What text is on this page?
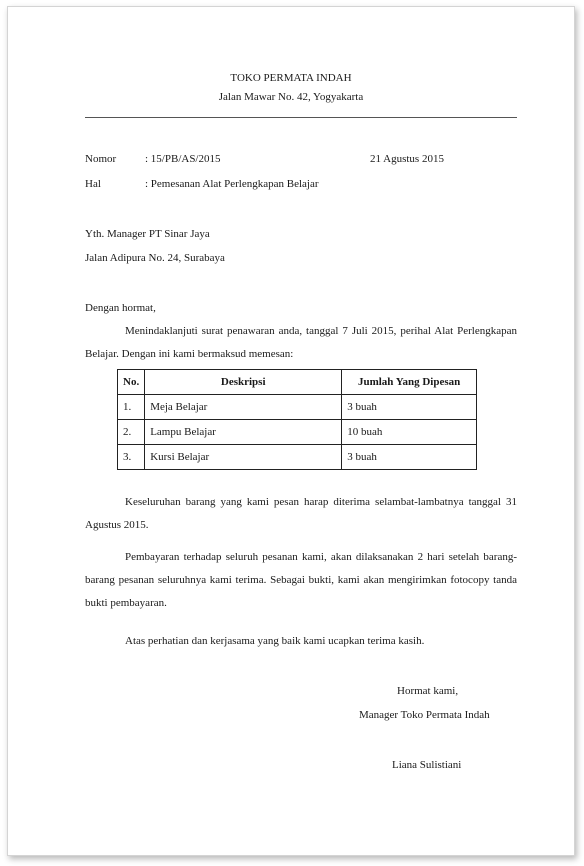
TOKO PERMATA INDAH
Jalan Mawar No. 42, Yogyakarta
Nomor	: 15/PB/AS/2015	21 Agustus 2015
Hal	: Pemesanan Alat Perlengkapan Belajar
Yth. Manager PT Sinar Jaya
Jalan Adipura No. 24, Surabaya
Dengan hormat,
Menindaklanjuti surat penawaran anda, tanggal 7 Juli 2015, perihal Alat Perlengkapan Belajar. Dengan ini kami bermaksud memesan:
No.	Deskripsi	Jumlah Yang Dipesan
1.	Meja Belajar	3 buah
2.	Lampu Belajar	10 buah
3.	Kursi Belajar	3 buah
Keseluruhan barang yang kami pesan harap diterima selambat-lambatnya tanggal 31 Agustus 2015.
Pembayaran terhadap seluruh pesanan kami, akan dilaksanakan 2 hari setelah barang-barang pesanan seluruhnya kami terima. Sebagai bukti, kami akan mengirimkan fotocopy tanda bukti pembayaran.
Atas perhatian dan kerjasama yang baik kami ucapkan terima kasih.
Hormat kami,
Manager Toko Permata Indah
Liana Sulistiani
